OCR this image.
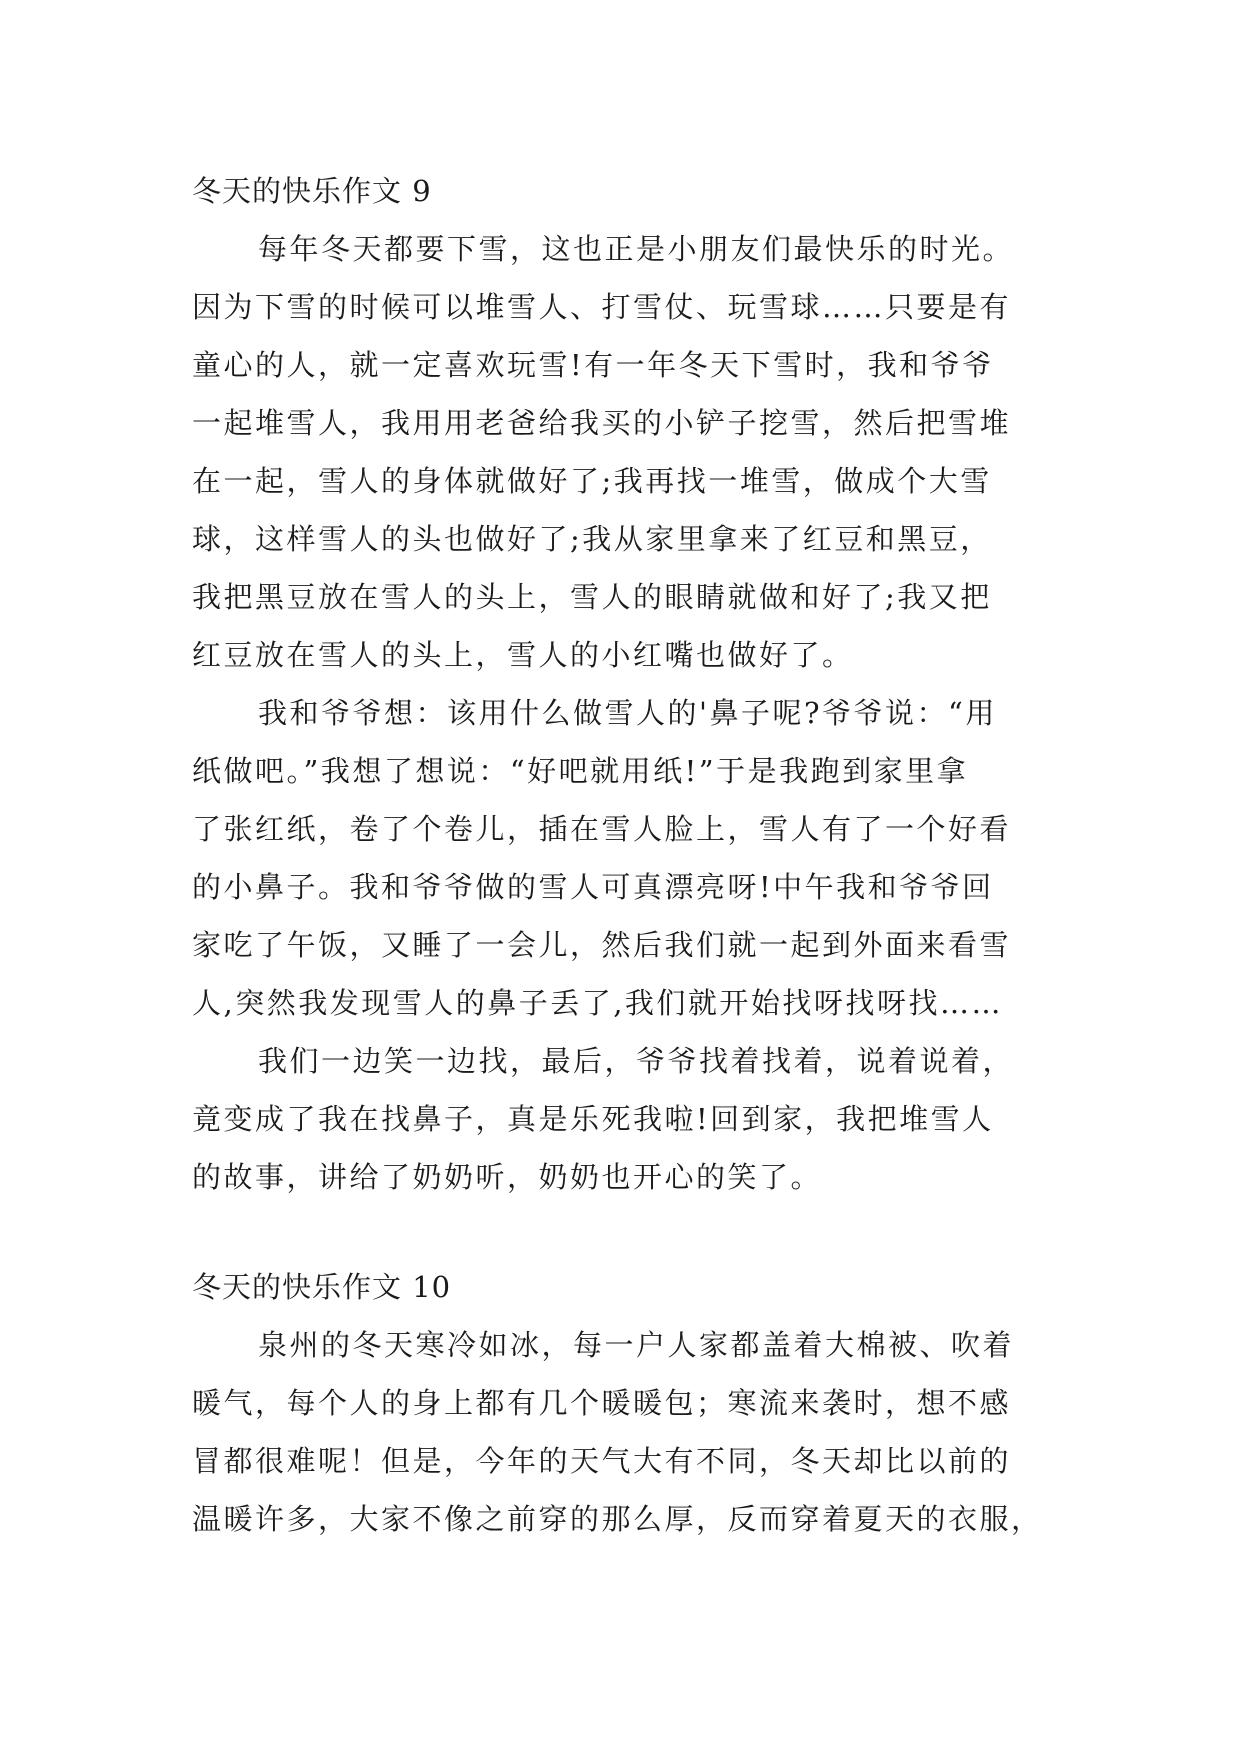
冬天的快乐作文 9
每年冬天都要下雪，这也正是小朋友们最快乐的时光。
因为下雪的时候可以堆雪人、打雪仗、玩雪球……只要是有
童心的人，就一定喜欢玩雪!有一年冬天下雪时，我和爷爷
一起堆雪人，我用用老爸给我买的小铲子挖雪，然后把雪堆
在一起，雪人的身体就做好了;我再找一堆雪，做成个大雪
球，这样雪人的头也做好了;我从家里拿来了红豆和黑豆，
我把黑豆放在雪人的头上，雪人的眼睛就做和好了;我又把
红豆放在雪人的头上，雪人的小红嘴也做好了。
我和爷爷想：该用什么做雪人的'鼻子呢?爷爷说：“用
纸做吧。”我想了想说：“好吧就用纸!”于是我跑到家里拿
了张红纸，卷了个卷儿，插在雪人脸上，雪人有了一个好看
的小鼻子。我和爷爷做的雪人可真漂亮呀!中午我和爷爷回
家吃了午饭，又睡了一会儿，然后我们就一起到外面来看雪
人,突然我发现雪人的鼻子丢了,我们就开始找呀找呀找……
我们一边笑一边找，最后，爷爷找着找着，说着说着，
竟变成了我在找鼻子，真是乐死我啦!回到家，我把堆雪人
的故事，讲给了奶奶听，奶奶也开心的笑了。
冬天的快乐作文 10
泉州的冬天寒冷如冰，每一户人家都盖着大棉被、吹着
暖气，每个人的身上都有几个暖暖包；寒流来袭时，想不感
冒都很难呢！但是，今年的天气大有不同，冬天却比以前的
温暖许多，大家不像之前穿的那么厚，反而穿着夏天的衣服，
